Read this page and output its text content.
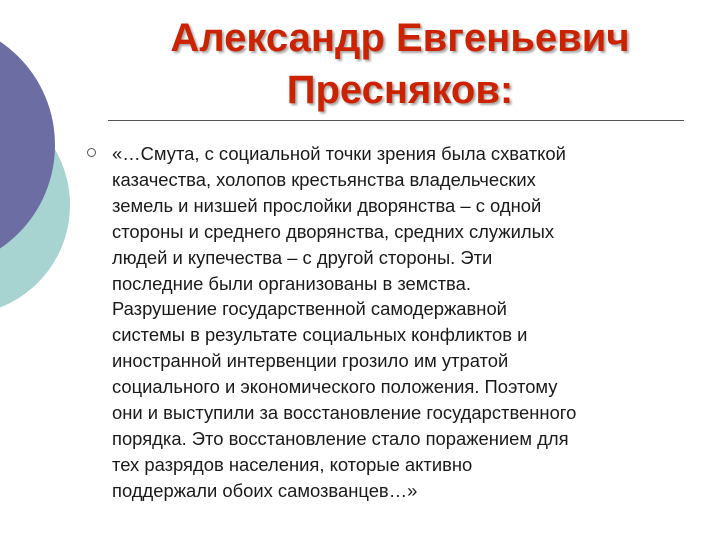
Александр Евгеньевич
Пресняков:
«…Смута, с социальной точки зрения была схваткой
казачества, холопов крестьянства владельческих
земель и низшей прослойки дворянства – с одной
стороны и среднего дворянства, средних служилых
людей и купечества – с другой стороны. Эти
последние были организованы в земства.
Разрушение государственной самодержавной
системы в результате социальных конфликтов и
иностранной интервенции грозило им утратой
социального и экономического положения. Поэтому
они и выступили за восстановление государственного
порядка. Это восстановление стало поражением для
тех разрядов населения, которые активно
поддержали обоих самозванцев…»
